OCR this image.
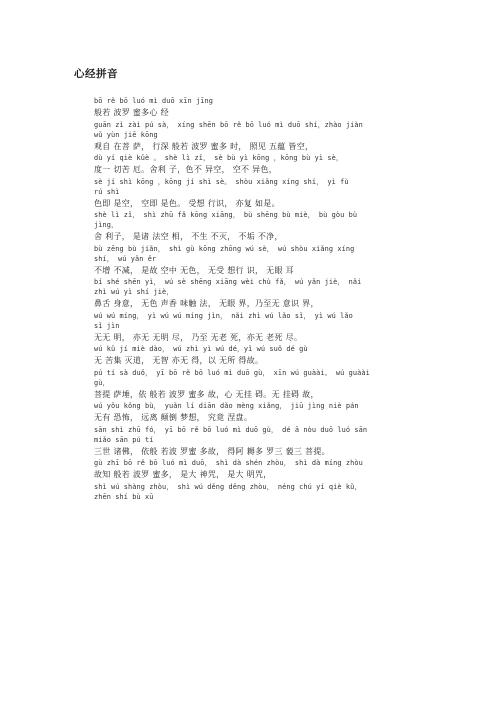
心经拼音
bō rě bō luó mì duō xīn jīng
般若 波罗 蜜多心 经
guān zì zài pú sà， xíng shēn bō rě bō luó mì duō shí，zhào jiàn
wǔ yùn jiē kōng
观自 在菩 萨， 行深 般若 波罗 蜜多 时， 照见 五蕴 皆空，
dù yí qiè kǔè 。 shè lì zǐ， sè bù yì kōng ，kōng bù yì sè，
度一 切苦 厄。舍利 子，色不 异空， 空不 异色，
sè jí shì kōng ，kōng jí shì sè。 shòu xiǎng xíng shí， yì fù
rú shì
色即 是空， 空即 是色。 受想 行识， 亦复 如是。
shè lì zǐ， shì zhū fǎ kōng xiāng， bù shēng bù miè， bù gòu bù
jìng，
舍 利子， 是诸 法空 相， 不生 不灭， 不垢 不净，
bù zēng bù jiǎn， shì gù kōng zhōng wú sè， wú shòu xiǎng xíng
shí， wú yǎn ěr
不增 不减， 是故 空中 无色， 无受 想行 识， 无眼 耳
bí shé shēn yì， wú sè shēng xiāng wèi chù fǎ， wú yǎn jiè， nǎi
zhì wú yì shí jiè，
鼻舌 身意， 无色 声香 味触 法， 无眼 界，乃至无 意识 界，
wú wú míng， yì wú wú míng jìn， nǎi zhì wú lǎo sǐ， yì wú lǎo
sǐ jìn
无无 明， 亦无 无明 尽， 乃至 无老 死，亦无 老死 尽。
wú kǔ jí miè dào， wú zhì yì wú dé，yǐ wú suǒ dé gù
无 苦集 灭道， 无智 亦无 得，以 无所 得故。
pú tí sà duǒ， yī bō rě bō luó mì duō gù， xīn wú guàài。 wú guàài
gù，
菩提 萨埵，依 般若 波罗 蜜多 故，心 无挂 碍。无 挂碍 故，
wú yǒu kǒng bù， yuǎn lí diān dǎo mèng xiǎng， jiū jìng niè pán
无有 恐怖， 远离 颠倒 梦想， 究竟 涅盘。
sān shì zhū fó， yī bō rě bō luó mì duō gù， dé ā nòu duō luó sān
miǎo sān pú tí
三世 诸佛， 依般 若波 罗蜜 多故， 得阿 耨多 罗三 藐三 菩提。
gù zhī bō rě bō luó mì duō， shì dà shén zhòu， shì dà míng zhòu
故知 般若 波罗 蜜多， 是大 神咒， 是大 明咒，
shì wú shàng zhòu， shì wú děng děng zhòu， néng chú yí qiè kǔ，
zhēn shí bù xū
